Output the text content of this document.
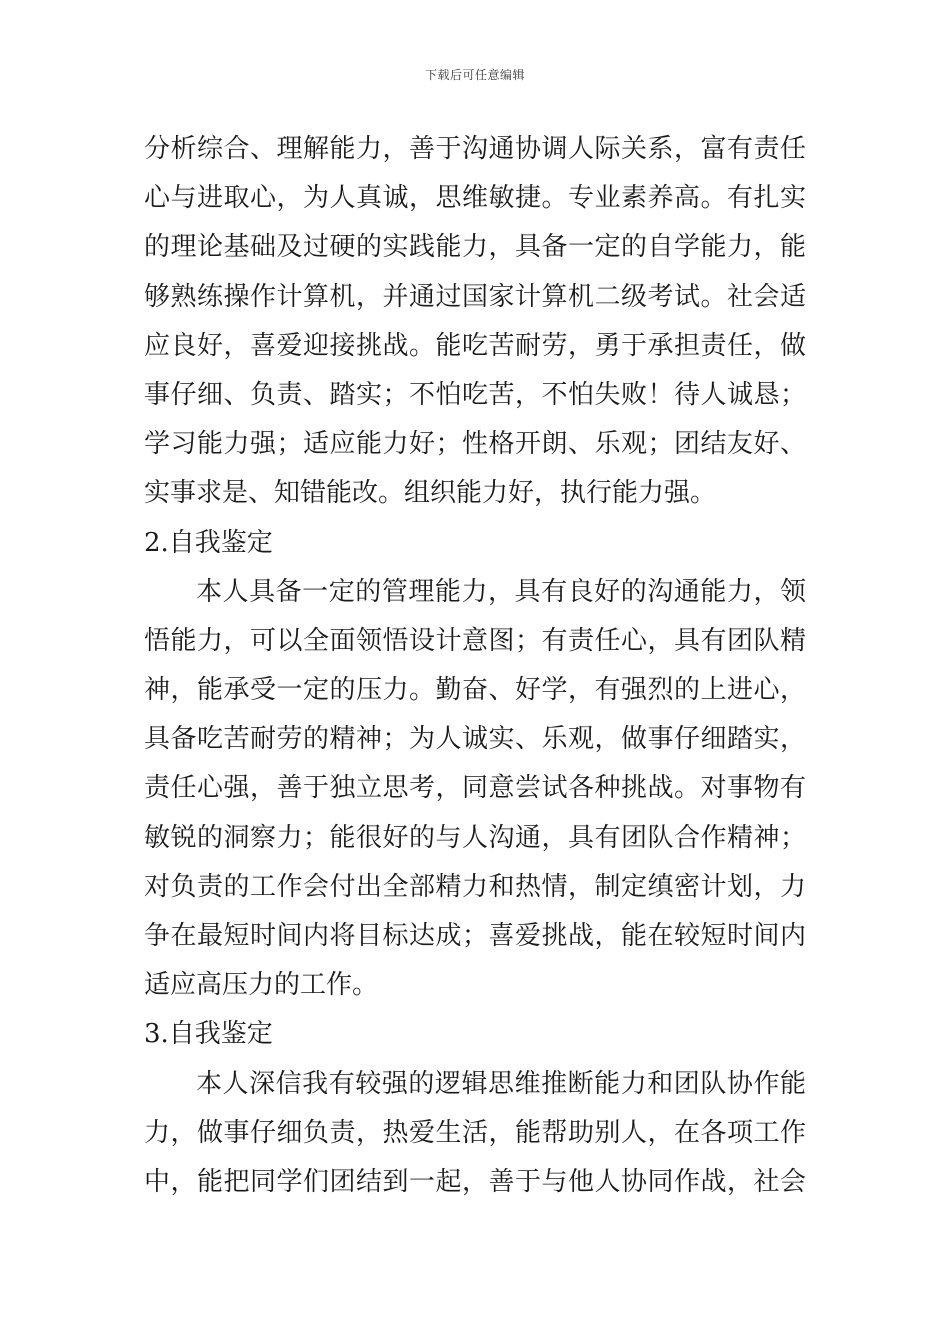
下载后可任意编辑
分析综合、理解能力，善于沟通协调人际关系，富有责任
心与进取心，为人真诚，思维敏捷。专业素养高。有扎实
的理论基础及过硬的实践能力，具备一定的自学能力，能
够熟练操作计算机，并通过国家计算机二级考试。社会适
应良好，喜爱迎接挑战。能吃苦耐劳，勇于承担责任，做
事仔细、负责、踏实；不怕吃苦，不怕失败！待人诚恳；
学习能力强；适应能力好；性格开朗、乐观；团结友好、
实事求是、知错能改。组织能力好，执行能力强。
2.自我鉴定
本人具备一定的管理能力，具有良好的沟通能力，领
悟能力，可以全面领悟设计意图；有责任心，具有团队精
神，能承受一定的压力。勤奋、好学，有强烈的上进心，
具备吃苦耐劳的精神；为人诚实、乐观，做事仔细踏实，
责任心强，善于独立思考，同意尝试各种挑战。对事物有
敏锐的洞察力；能很好的与人沟通，具有团队合作精神；
对负责的工作会付出全部精力和热情，制定缜密计划，力
争在最短时间内将目标达成；喜爱挑战，能在较短时间内
适应高压力的工作。
3.自我鉴定
本人深信我有较强的逻辑思维推断能力和团队协作能
力，做事仔细负责，热爱生活，能帮助别人，在各项工作
中，能把同学们团结到一起，善于与他人协同作战，社会
